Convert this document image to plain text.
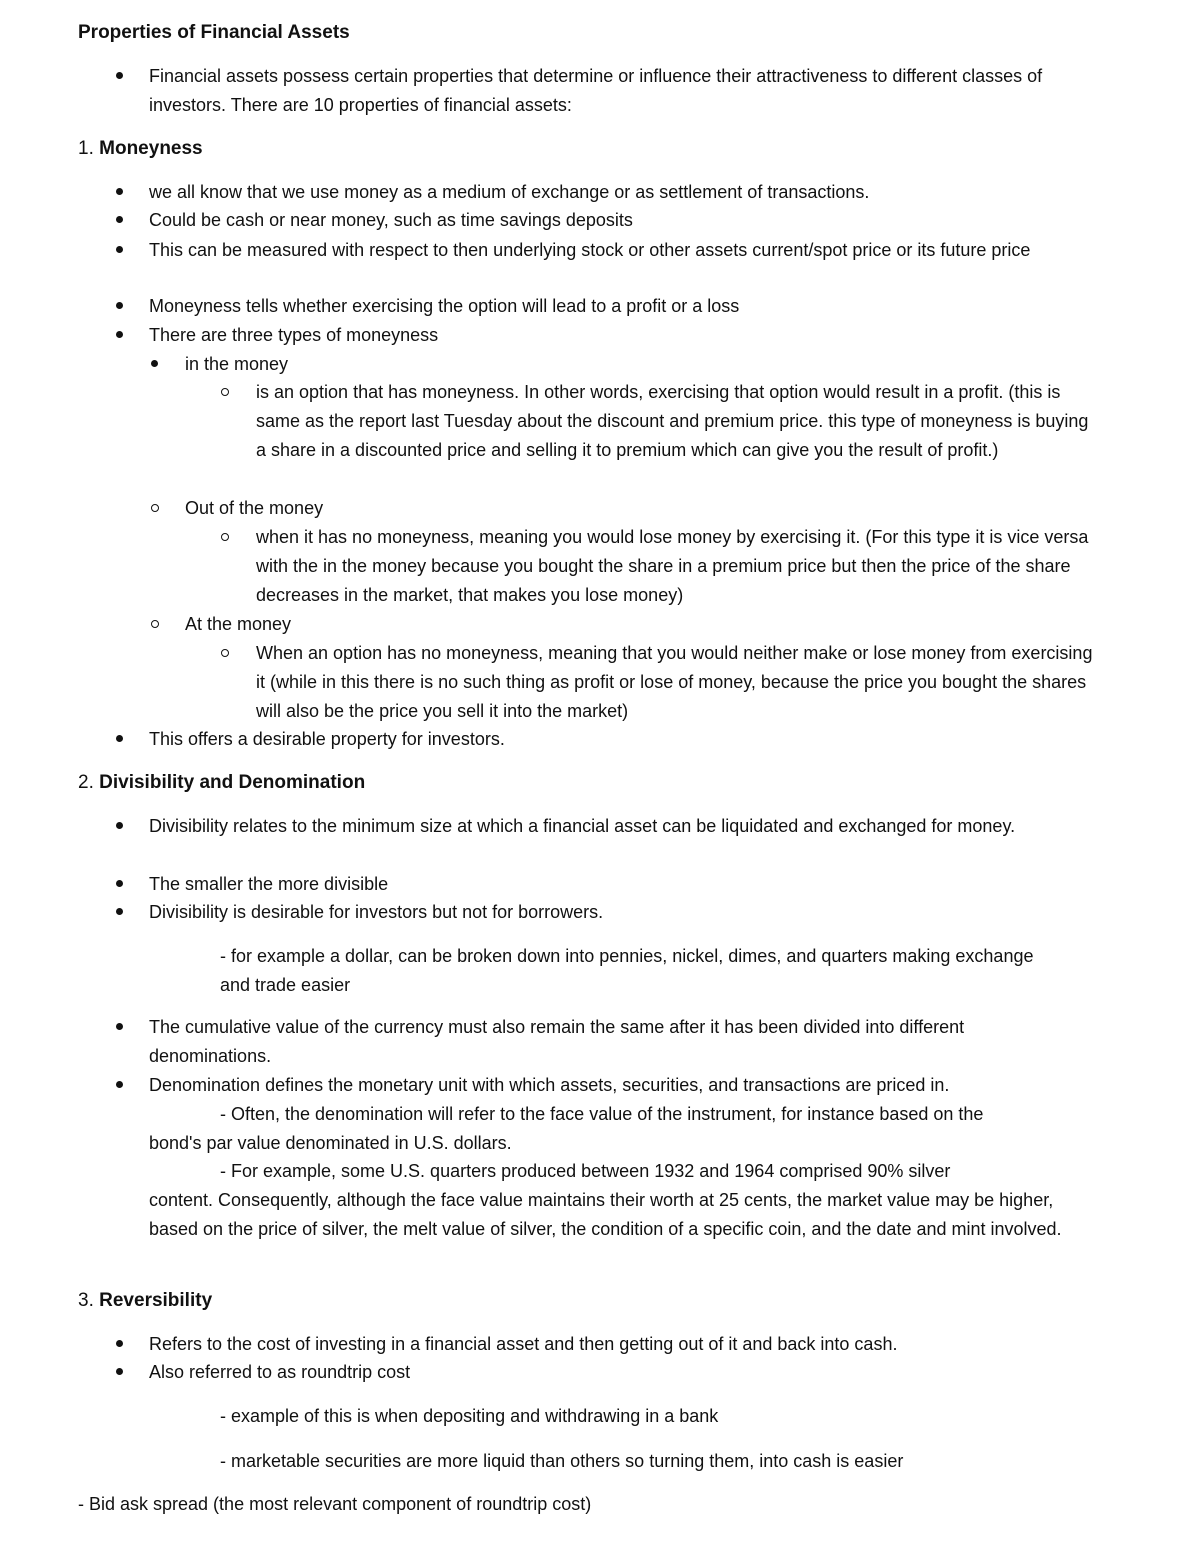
Properties of Financial Assets
Financial assets possess certain properties that determine or influence their attractiveness to different classes of investors. There are 10 properties of financial assets:
1. Moneyness
we all know that we use money as a medium of exchange or as settlement of transactions.
Could be cash or near money, such as time savings deposits
This can be measured with respect to then underlying stock or other assets current/spot price or its future price
Moneyness tells whether exercising the option will lead to a profit or a loss
There are three types of moneyness
in the money
is an option that has moneyness. In other words, exercising that option would result in a profit. (this is same as the report last Tuesday about the discount and premium price. this type of moneyness is buying a share in a discounted price and selling it to premium which can give you the result of profit.)
Out of the money
when it has no moneyness, meaning you would lose money by exercising it. (For this type it is vice versa with the in the money because you bought the share in a premium price but then the price of the share decreases in the market, that makes you lose money)
At the money
When an option has no moneyness, meaning that you would neither make or lose money from exercising it (while in this there is no such thing as profit or lose of money, because the price you bought the shares will also be the price you sell it into the market)
This offers a desirable property for investors.
2. Divisibility and Denomination
Divisibility relates to the minimum size at which a financial asset can be liquidated and exchanged for money.
The smaller the more divisible
Divisibility is desirable for investors but not for borrowers.
- for example a dollar, can be broken down into pennies, nickel, dimes, and quarters making exchange and trade easier
The cumulative value of the currency must also remain the same after it has been divided into different denominations.
Denomination defines the monetary unit with which assets, securities, and transactions are priced in.
- Often, the denomination will refer to the face value of the instrument, for instance based on the
bond's par value denominated in U.S. dollars.
- For example, some U.S. quarters produced between 1932 and 1964 comprised 90% silver
content. Consequently, although the face value maintains their worth at 25 cents, the market value may be higher, based on the price of silver, the melt value of silver, the condition of a specific coin, and the date and mint involved.
3. Reversibility
Refers to the cost of investing in a financial asset and then getting out of it and back into cash.
Also referred to as roundtrip cost
- example of this is when depositing and withdrawing in a bank
- marketable securities are more liquid than others so turning them, into cash is easier
- Bid ask spread (the most relevant component of roundtrip cost)
